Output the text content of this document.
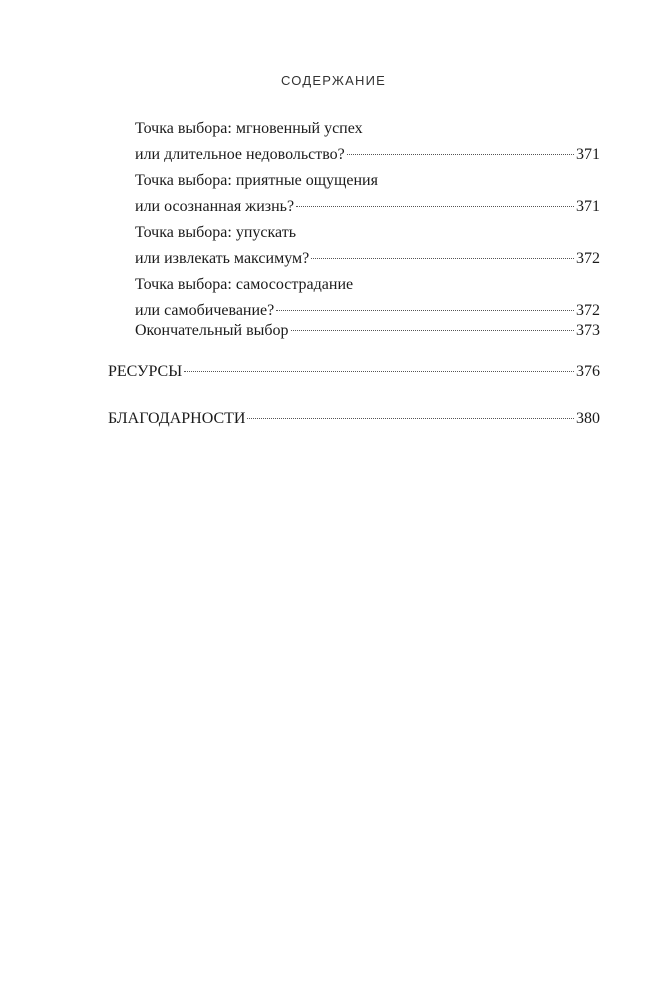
СОДЕРЖАНИЕ
Точка выбора: мгновенный успех
или длительное недовольство?	371
Точка выбора: приятные ощущения
или осознанная жизнь?	371
Точка выбора: упускать
или извлекать максимум?	372
Точка выбора: самосострадание
или самобичевание?	372
Окончательный выбор	373
РЕСУРСЫ	376
БЛАГОДАРНОСТИ	380
